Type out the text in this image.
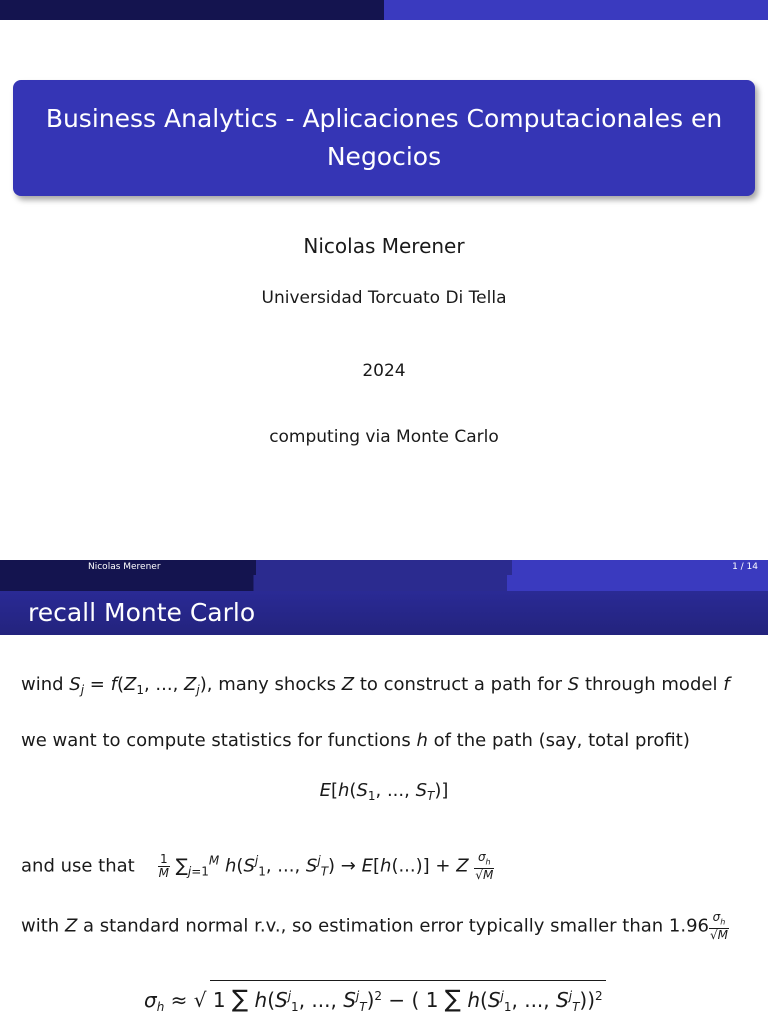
Business Analytics - Aplicaciones Computacionales en Negocios
Nicolas Merener
Universidad Torcuato Di Tella
2024
computing via Monte Carlo
Nicolas Merener	1 / 14
recall Monte Carlo
wind $S_j = f(Z_1$, ..., $Z_j$), many shocks Z to construct a path for S through model f
we want to compute statistics for functions h of the path (say, total profit)
$E[h(S_1$, ..., $S_T$)]
and use that $\frac{1}{M} \sum_{j=1}^M$ $h(S^j_1$, ..., $S^j_T) \to E[h(...)] + Z \frac{\sigma_h}{√M}$
with Z a standard normal r.v., so estimation error typically smaller than $1.96 \frac{\sigma_h}{√M}$
$\sigma_h$ ≈ √ 1 ∑ $h(S^j_1$, ..., $S^j_T)^2$ − ( 1 ∑ $h(S^j_1$, ..., $S^j_T))^2$
